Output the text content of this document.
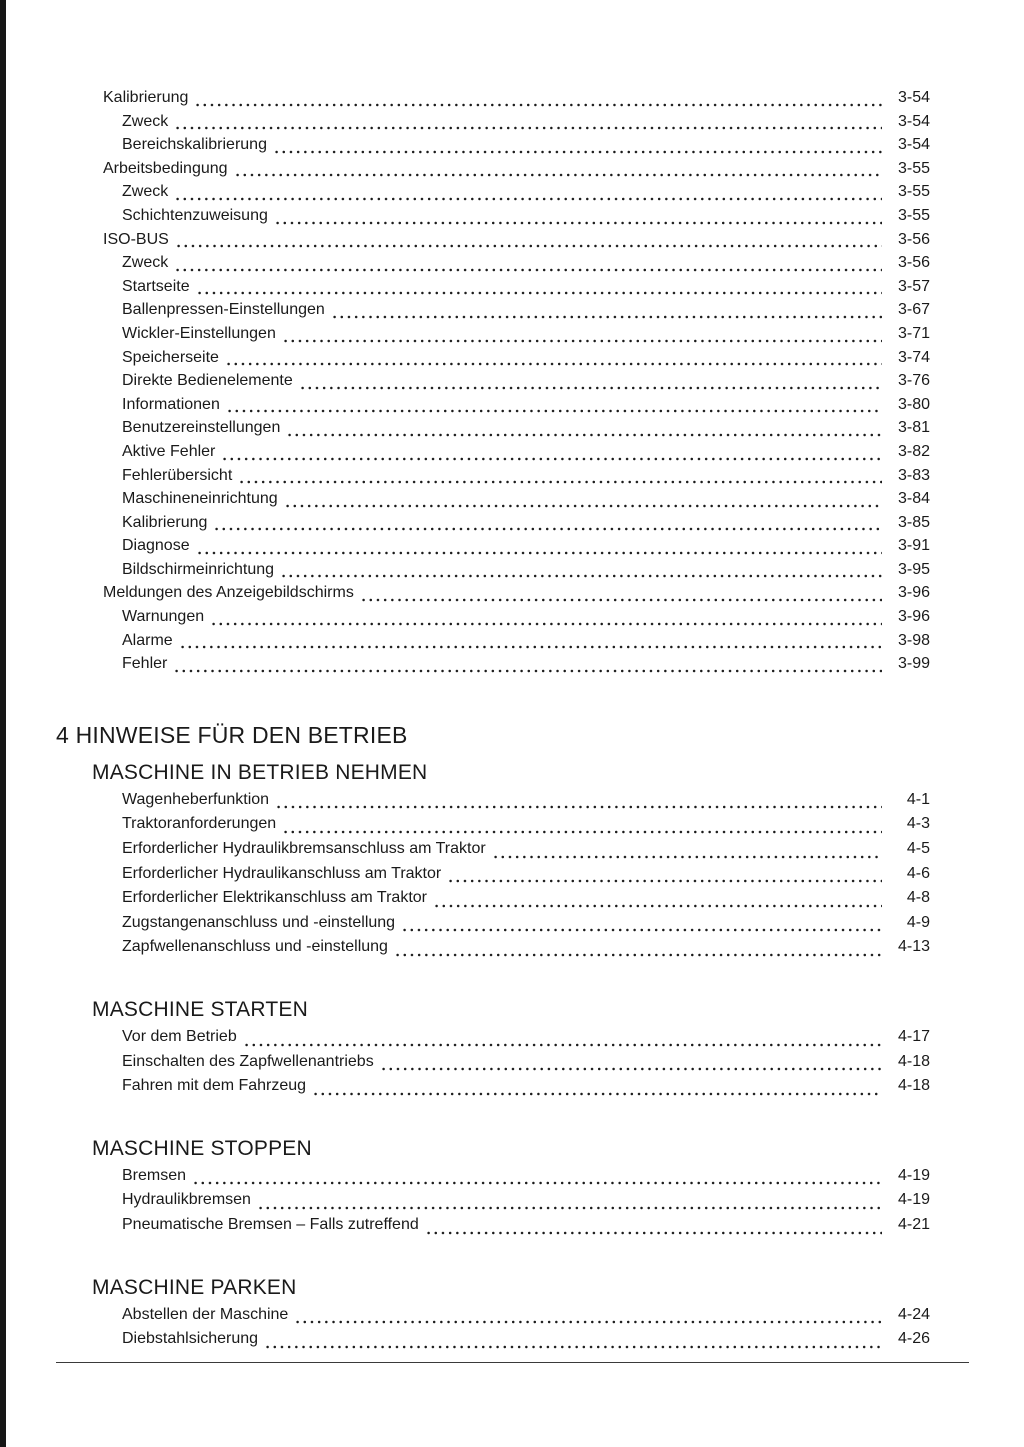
Kalibrierung	3-54
Zweck	3-54
Bereichskalibrierung	3-54
Arbeitsbedingung	3-55
Zweck	3-55
Schichtenzuweisung	3-55
ISO-BUS	3-56
Zweck	3-56
Startseite	3-57
Ballenpressen-Einstellungen	3-67
Wickler-Einstellungen	3-71
Speicherseite	3-74
Direkte Bedienelemente	3-76
Informationen	3-80
Benutzereinstellungen	3-81
Aktive Fehler	3-82
Fehlerübersicht	3-83
Maschineneinrichtung	3-84
Kalibrierung	3-85
Diagnose	3-91
Bildschirmeinrichtung	3-95
Meldungen des Anzeigebildschirms	3-96
Warnungen	3-96
Alarme	3-98
Fehler	3-99
4 HINWEISE FÜR DEN BETRIEB
MASCHINE IN BETRIEB NEHMEN
Wagenheberfunktion	4-1
Traktoranforderungen	4-3
Erforderlicher Hydraulikbremsanschluss am Traktor	4-5
Erforderlicher Hydraulikanschluss am Traktor	4-6
Erforderlicher Elektrikanschluss am Traktor	4-8
Zugstangenanschluss und -einstellung	4-9
Zapfwellenanschluss und -einstellung	4-13
MASCHINE STARTEN
Vor dem Betrieb	4-17
Einschalten des Zapfwellenantriebs	4-18
Fahren mit dem Fahrzeug	4-18
MASCHINE STOPPEN
Bremsen	4-19
Hydraulikbremsen	4-19
Pneumatische Bremsen – Falls zutreffend	4-21
MASCHINE PARKEN
Abstellen der Maschine	4-24
Diebstahlsicherung	4-26
